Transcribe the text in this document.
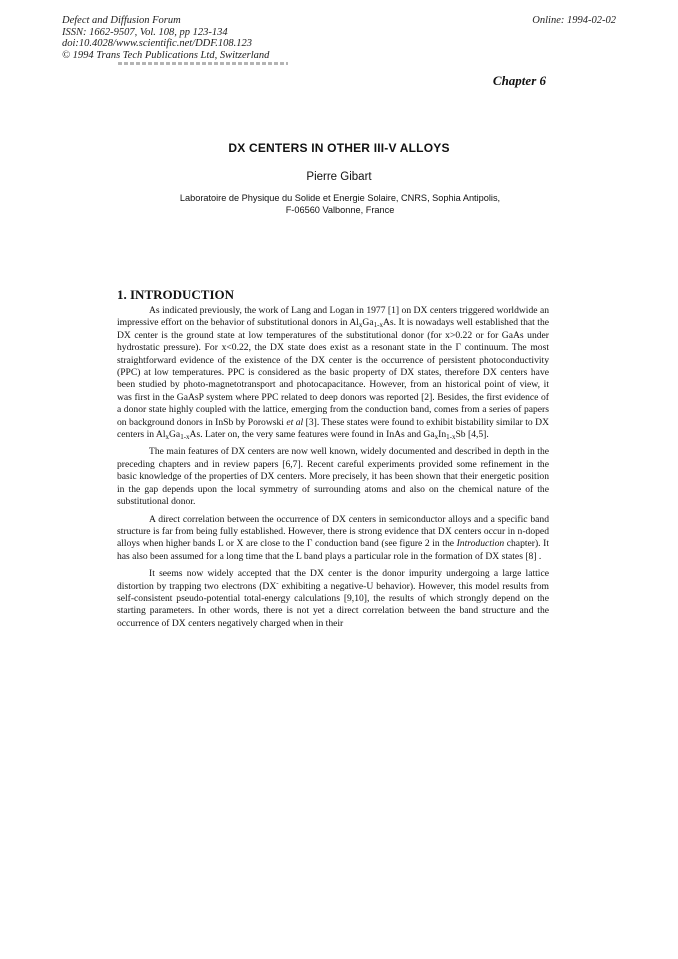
Defect and Diffusion Forum
ISSN: 1662-9507, Vol. 108, pp 123-134
doi:10.4028/www.scientific.net/DDF.108.123
© 1994 Trans Tech Publications Ltd, Switzerland
Online: 1994-02-02
Chapter 6
DX CENTERS IN OTHER III-V ALLOYS
Pierre Gibart
Laboratoire de Physique du Solide et Energie Solaire, CNRS, Sophia Antipolis,
F-06560 Valbonne, France
1. INTRODUCTION

As indicated previously, the work of Lang and Logan in 1977 [1] on DX centers triggered worldwide an impressive effort on the behavior of substitutional donors in $Al_xGa_{1-x}As$. It is nowadays well established that the DX center is the ground state at low temperatures of the substitutional donor (for x>0.22 or for GaAs under hydrostatic pressure). For x<0.22, the DX state does exist as a resonant state in the Γ continuum. The most straightforward evidence of the existence of the DX center is the occurrence of persistent photoconductivity (PPC) at low temperatures. PPC is considered as the basic property of DX states, therefore DX centers have been studied by photo-magnetotransport and photocapacitance. However, from an historical point of view, it was first in the GaAsP system where PPC related to deep donors was reported [2]. Besides, the first evidence of a donor state highly coupled with the lattice, emerging from the conduction band, comes from a series of papers on background donors in InSb by Porowski et al [3]. These states were found to exhibit bistability similar to DX centers in $Al_xGa_{1-x}As$. Later on, the very same features were found in InAs and $Ga_xIn_{1-x}Sb$ [4,5].

The main features of DX centers are now well known, widely documented and described in depth in the preceding chapters and in review papers [6,7]. Recent careful experiments provided some refinement in the basic knowledge of the properties of DX centers. More precisely, it has been shown that their energetic position in the gap depends upon the local symmetry of surrounding atoms and also on the chemical nature of the substitutional donor.

A direct correlation between the occurrence of DX centers in semiconductor alloys and a specific band structure is far from being fully established. However, there is strong evidence that DX centers occur in n-doped alloys when higher bands L or X are close to the Γ conduction band (see figure 2 in the Introduction chapter). It has also been assumed for a long time that the L band plays a particular role in the formation of DX states [8] .

It seems now widely accepted that the DX center is the donor impurity undergoing a large lattice distortion by trapping two electrons (DX- exhibiting a negative-U behavior). However, this model results from self-consistent pseudo-potential total-energy calculations [9,10], the results of which strongly depend on the starting parameters. In other words, there is not yet a direct correlation between the band structure and the occurrence of DX centers negatively charged when in their
